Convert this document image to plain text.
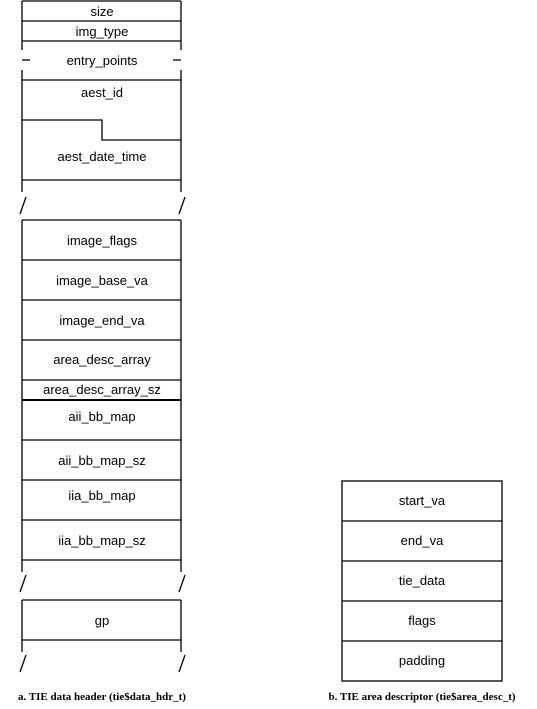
size
img_type
entry_points
aest_id
aest_date_time
image_flags
image_base_va
image_end_va
area_desc_array
area_desc_array_sz
aii_bb_map
aii_bb_map_sz
iia_bb_map
iia_bb_map_sz
gp
a. TIE data header (tie$data_hdr_t)
start_va
end_va
tie_data
flags
padding
b. TIE area descriptor (tie$area_desc_t)
